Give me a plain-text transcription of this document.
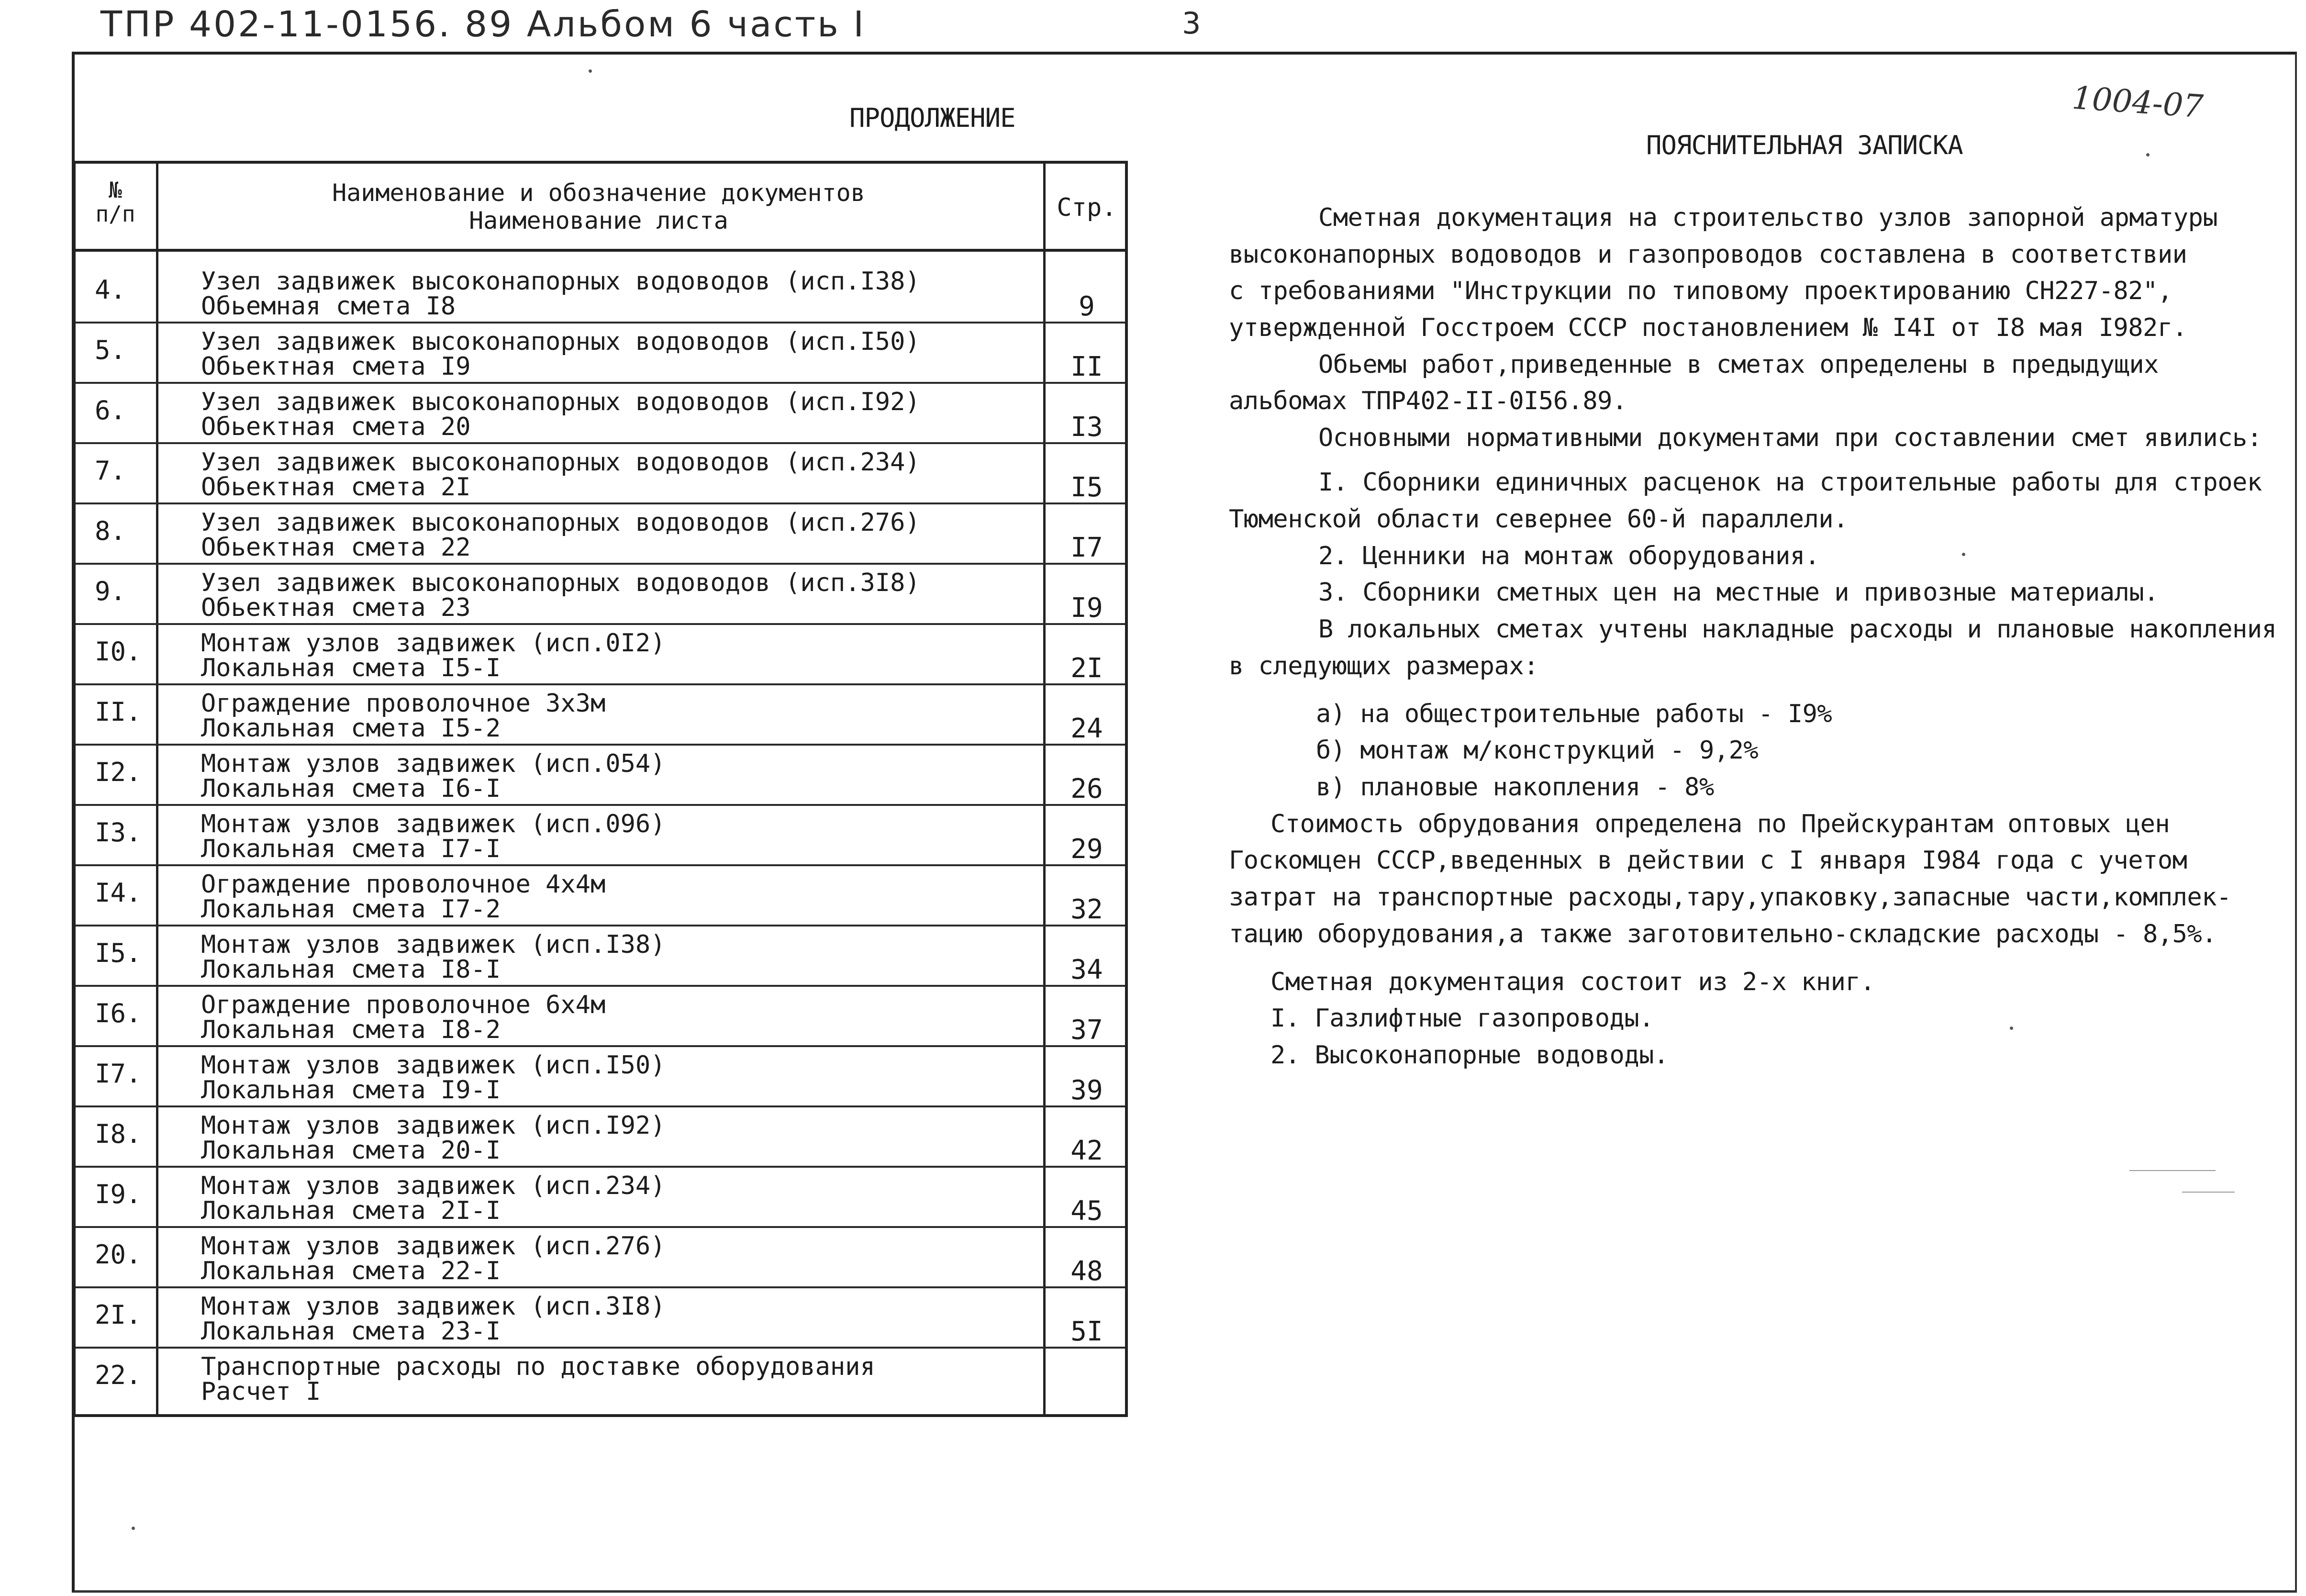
ТПР 402-11-0156. 89 Альбом 6 часть I	3
1004-07
ПРОДОЛЖЕНИЕ
№
п/п
Наименование и обозначение документов
Наименование листа	Стр.
4.	Узел задвижек высоконапорных водоводов (исп.I38)
Обьемная смета I8	9
5.	Узел задвижек высоконапорных водоводов (исп.I50)
Обьектная смета I9	II
6.	Узел задвижек высоконапорных водоводов (исп.I92)
Обьектная смета 20	I3
7.	Узел задвижек высоконапорных водоводов (исп.234)
Обьектная смета 2I	I5
8.	Узел задвижек высоконапорных водоводов (исп.276)
Обьектная смета 22	I7
9.	Узел задвижек высоконапорных водоводов (исп.3I8)
Обьектная смета 23	I9
I0. Монтаж узлов задвижек (исп.0I2)
Локальная смета I5-I	2I
II. Ограждение проволочное 3х3м
Локальная смета I5-2	24
I2. Монтаж узлов задвижек (исп.054)
Локальная смета I6-I	26
I3. Монтаж узлов задвижек (исп.096)
Локальная смета I7-I	29
I4. Ограждение проволочное 4х4м
Локальная смета I7-2	32
I5. Монтаж узлов задвижек (исп.I38)
Локальная смета I8-I	34
I6. Ограждение проволочное 6х4м
Локальная смета I8-2	37
I7. Монтаж узлов задвижек (исп.I50)
Локальная смета I9-I	39
I8. Монтаж узлов задвижек (исп.I92)
Локальная смета 20-I	42
I9. Монтаж узлов задвижек (исп.234)
Локальная смета 2I-I	45
20. Монтаж узлов задвижек (исп.276)
Локальная смета 22-I	48
2I. Монтаж узлов задвижек (исп.3I8)
Локальная смета 23-I	5I
22. Транспортные расходы по доставке оборудования
Расчет I
ПОЯСНИТЕЛЬНАЯ ЗАПИСКА
Сметная документация на строительство узлов запорной арматуры
высоконапорных водоводов и газопроводов составлена в соответствии
с требованиями "Инструкции по типовому проектированию СН227-82",
утвержденной Госстроем СССР постановлением № I4I от I8 мая I982г.
Обьемы работ,приведенные в сметах определены в предыдущих
альбомах ТПР402-II-0I56.89.
Основными нормативными документами при составлении смет явились:
I. Сборники единичных расценок на строительные работы для строек
Тюменской области севернее 60-й параллели.
2. Ценники на монтаж оборудования.
3. Сборники сметных цен на местные и привозные материалы.
В локальных сметах учтены накладные расходы и плановые накопления
в следующих размерах:
а) на общестроительные работы - I9%
б) монтаж м/конструкций - 9,2%
в) плановые накопления - 8%
Стоимость обрудования определена по Прейскурантам оптовых цен
Госкомцен СССР,введенных в действии с I января I984 года с учетом
затрат на транспортные расходы,тару,упаковку,запасные части,комплек-
тацию оборудования,а также заготовительно-складские расходы - 8,5%.
Сметная документация состоит из 2-х книг.
I. Газлифтные газопроводы.
2. Высоконапорные водоводы.
